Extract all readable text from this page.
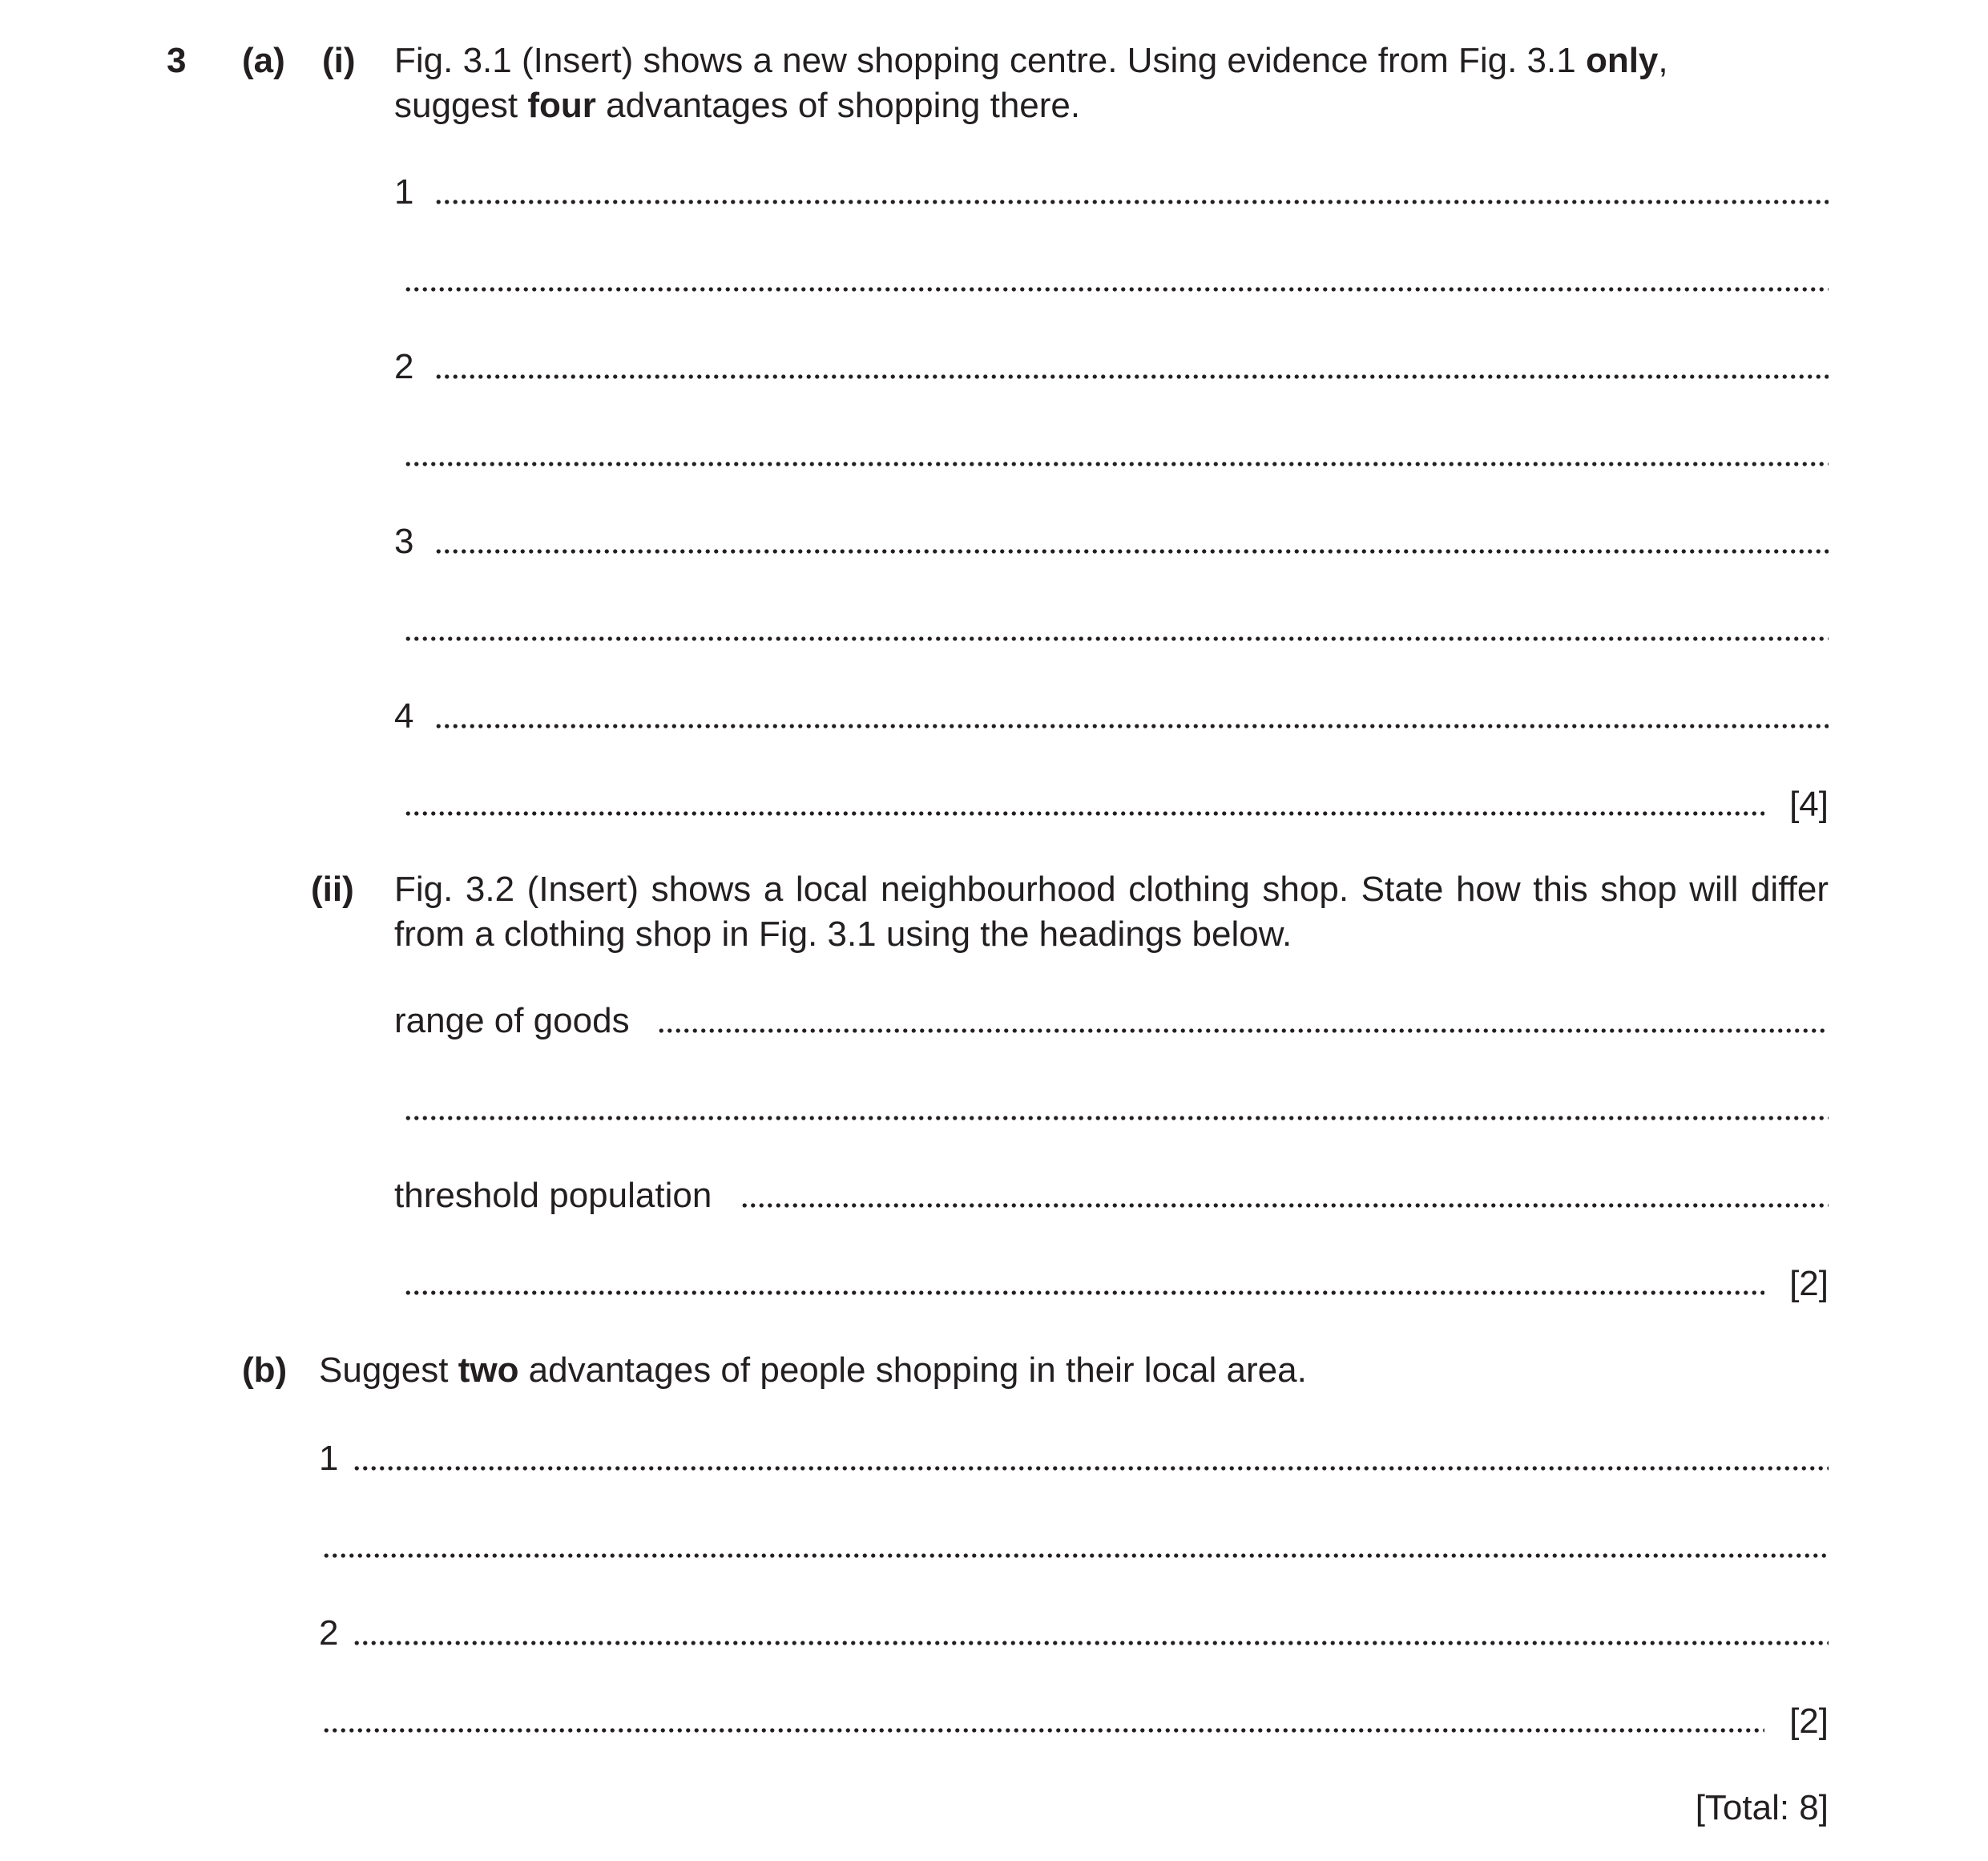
3 (a) (i) Fig. 3.1 (Insert) shows a new shopping centre. Using evidence from Fig. 3.1 only,
suggest four advantages of shopping there.
1
2
3
4
[4]
(ii) Fig. 3.2 (Insert) shows a local neighbourhood clothing shop. State how this shop will differ from a clothing shop in Fig. 3.1 using the headings below.
range of goods
threshold population
[2]
(b) Suggest two advantages of people shopping in their local area.
1
2
[2]
[Total: 8]
